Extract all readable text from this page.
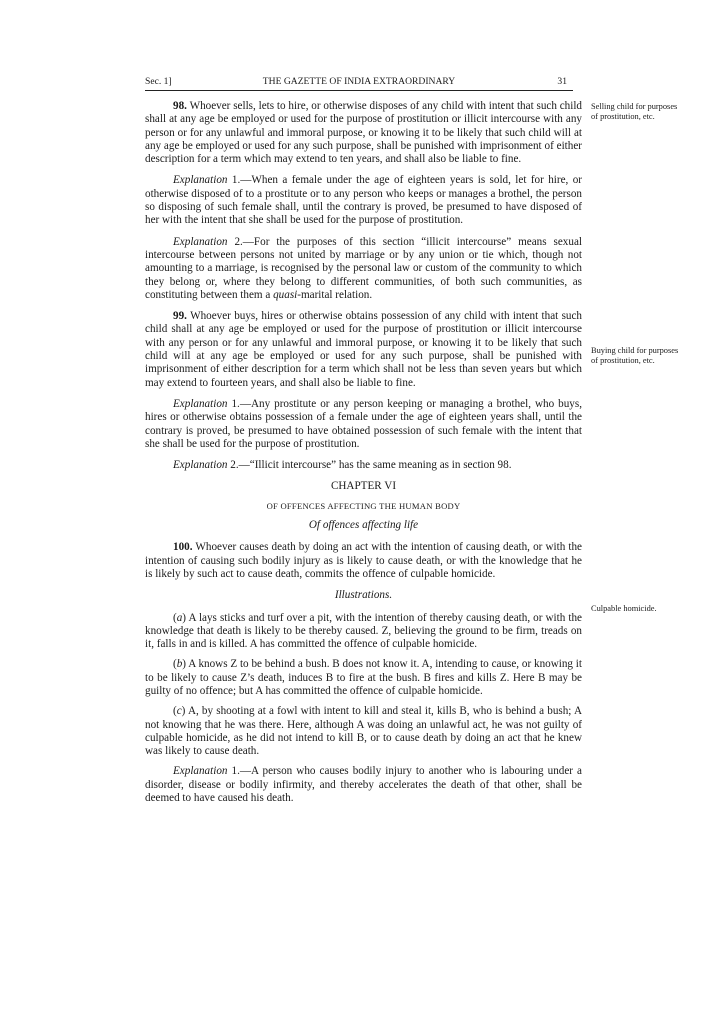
Sec. 1]	THE GAZETTE OF INDIA EXTRAORDINARY	31

98. Whoever sells, lets to hire, or otherwise disposes of any child with intent that such child shall at any age be employed or used for the purpose of prostitution or illicit intercourse with any person or for any unlawful and immoral purpose, or knowing it to be likely that such child will at any age be employed or used for any such purpose, shall be punished with imprisonment of either description for a term which may extend to ten years, and shall also be liable to fine.

Explanation 1.—When a female under the age of eighteen years is sold, let for hire, or otherwise disposed of to a prostitute or to any person who keeps or manages a brothel, the person so disposing of such female shall, until the contrary is proved, be presumed to have disposed of her with the intent that she shall be used for the purpose of prostitution.

Explanation 2.—For the purposes of this section “illicit intercourse” means sexual intercourse between persons not united by marriage or by any union or tie which, though not amounting to a marriage, is recognised by the personal law or custom of the community to which they belong or, where they belong to different communities, of both such communities, as constituting between them a quasi-marital relation.

99. Whoever buys, hires or otherwise obtains possession of any child with intent that such child shall at any age be employed or used for the purpose of prostitution or illicit intercourse with any person or for any unlawful and immoral purpose, or knowing it to be likely that such child will at any age be employed or used for any such purpose, shall be punished with imprisonment of either description for a term which shall not be less than seven years but which may extend to fourteen years, and shall also be liable to fine.

Explanation 1.—Any prostitute or any person keeping or managing a brothel, who buys, hires or otherwise obtains possession of a female under the age of eighteen years shall, until the contrary is proved, be presumed to have obtained possession of such female with the intent that she shall be used for the purpose of prostitution.

Explanation 2.—“Illicit intercourse” has the same meaning as in section 98.

CHAPTER VI

OF OFFENCES AFFECTING THE HUMAN BODY

Of offences affecting life

100. Whoever causes death by doing an act with the intention of causing death, or with the intention of causing such bodily injury as is likely to cause death, or with the knowledge that he is likely by such act to cause death, commits the offence of culpable homicide.

Illustrations.

(a) A lays sticks and turf over a pit, with the intention of thereby causing death, or with the knowledge that death is likely to be thereby caused. Z, believing the ground to be firm, treads on it, falls in and is killed. A has committed the offence of culpable homicide.

(b) A knows Z to be behind a bush. B does not know it. A, intending to cause, or knowing it to be likely to cause Z’s death, induces B to fire at the bush. B fires and kills Z. Here B may be guilty of no offence; but A has committed the offence of culpable homicide.

(c) A, by shooting at a fowl with intent to kill and steal it, kills B, who is behind a bush; A not knowing that he was there. Here, although A was doing an unlawful act, he was not guilty of culpable homicide, as he did not intend to kill B, or to cause death by doing an act that he knew was likely to cause death.

Explanation 1.—A person who causes bodily injury to another who is labouring under a disorder, disease or bodily infirmity, and thereby accelerates the death of that other, shall be deemed to have caused his death.

Selling child for purposes of prostitution, etc.
Buying child for purposes of prostitution, etc.
Culpable homicide.
